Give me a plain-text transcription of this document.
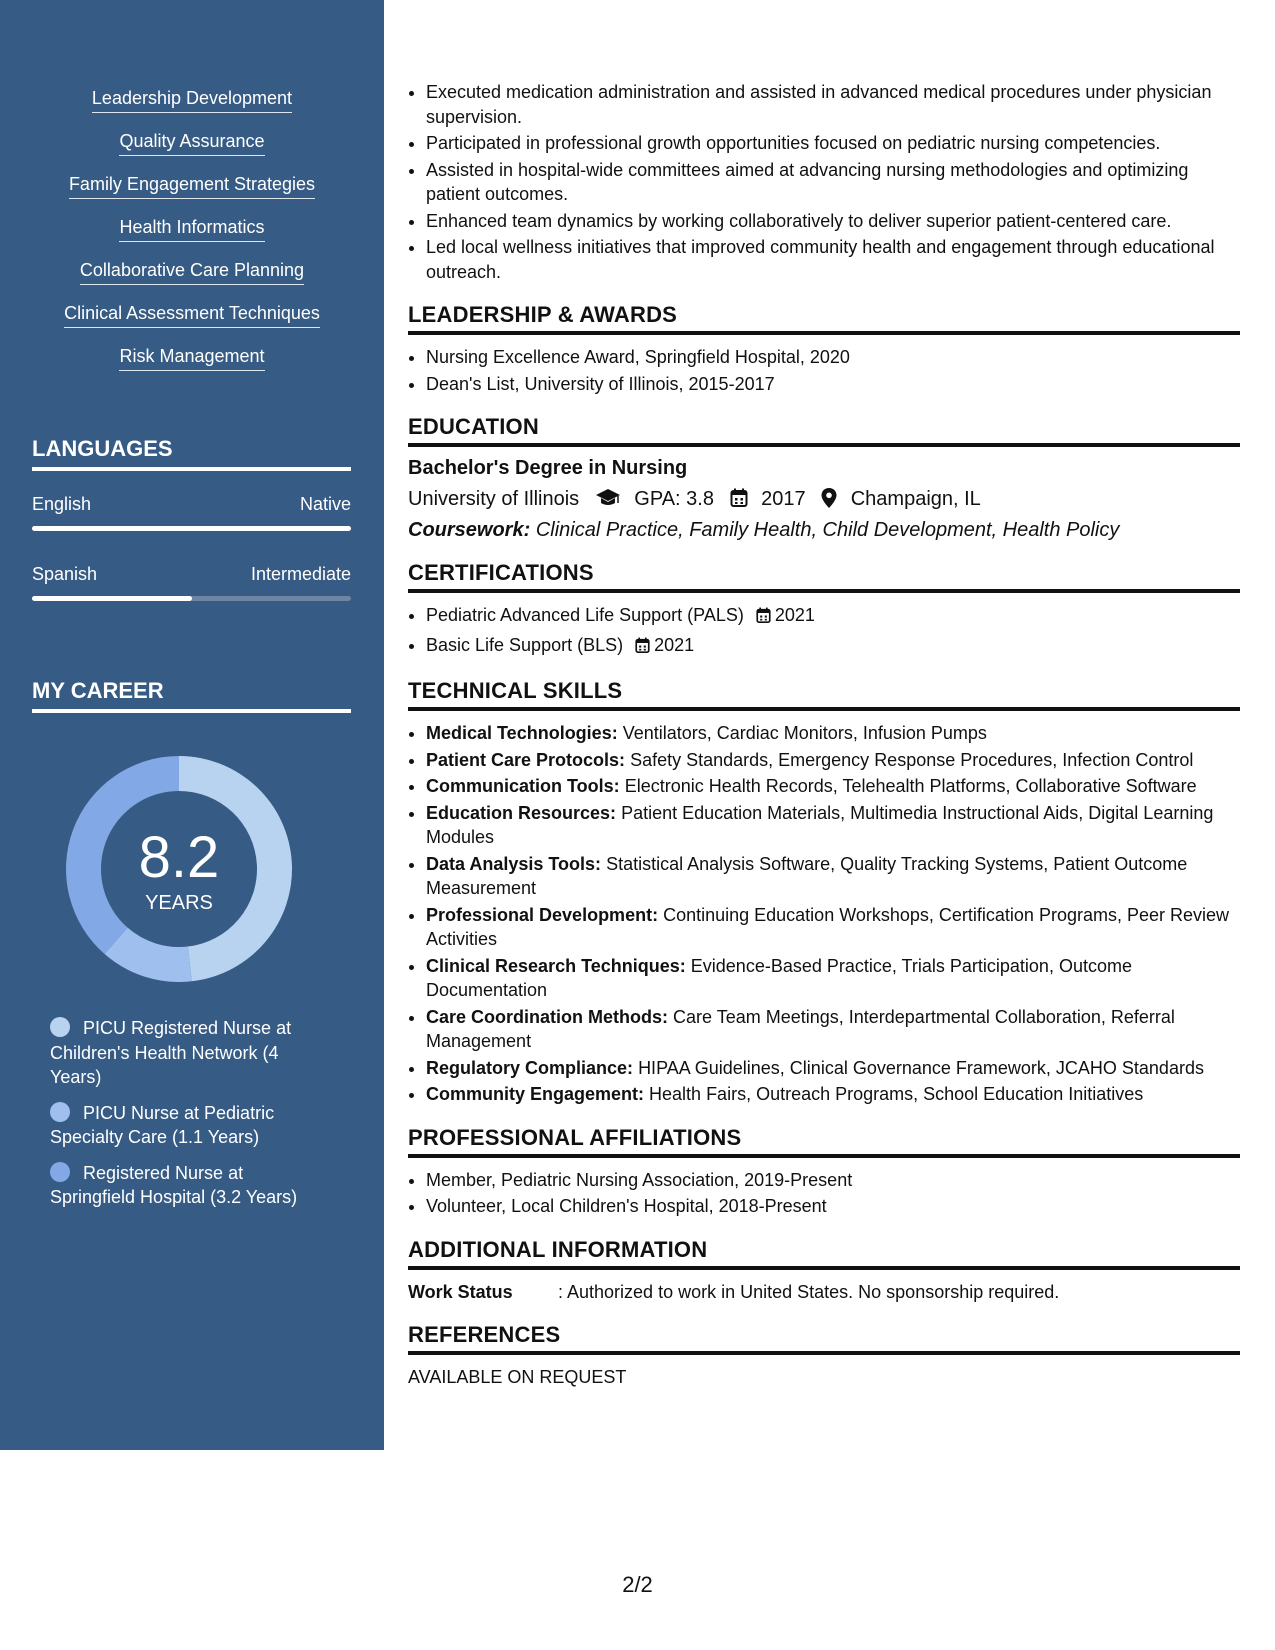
Leadership Development
Quality Assurance
Family Engagement Strategies
Health Informatics
Collaborative Care Planning
Clinical Assessment Techniques
Risk Management
LANGUAGES
English	Native
Spanish	Intermediate
MY CAREER
8.2
YEARS
PICU Registered Nurse at Children's Health Network (4 Years)
PICU Nurse at Pediatric Specialty Care (1.1 Years)
Registered Nurse at Springfield Hospital (3.2 Years)
• Executed medication administration and assisted in advanced medical procedures under physician supervision.
• Participated in professional growth opportunities focused on pediatric nursing competencies.
• Assisted in hospital-wide committees aimed at advancing nursing methodologies and optimizing patient outcomes.
• Enhanced team dynamics by working collaboratively to deliver superior patient-centered care.
• Led local wellness initiatives that improved community health and engagement through educational outreach.
LEADERSHIP & AWARDS
• Nursing Excellence Award, Springfield Hospital, 2020
• Dean's List, University of Illinois, 2015-2017
EDUCATION
Bachelor's Degree in Nursing
University of Illinois	GPA: 3.8 2017 Champaign, IL
Coursework: Clinical Practice, Family Health, Child Development, Health Policy
CERTIFICATIONS
• Pediatric Advanced Life Support (PALS) 2021
• Basic Life Support (BLS) 2021
TECHNICAL SKILLS
• Medical Technologies: Ventilators, Cardiac Monitors, Infusion Pumps
• Patient Care Protocols: Safety Standards, Emergency Response Procedures, Infection Control
• Communication Tools: Electronic Health Records, Telehealth Platforms, Collaborative Software
• Education Resources: Patient Education Materials, Multimedia Instructional Aids, Digital Learning Modules
• Data Analysis Tools: Statistical Analysis Software, Quality Tracking Systems, Patient Outcome Measurement
• Professional Development: Continuing Education Workshops, Certification Programs, Peer Review Activities
• Clinical Research Techniques: Evidence-Based Practice, Trials Participation, Outcome Documentation
• Care Coordination Methods: Care Team Meetings, Interdepartmental Collaboration, Referral Management
• Regulatory Compliance: HIPAA Guidelines, Clinical Governance Framework, JCAHO Standards
• Community Engagement: Health Fairs, Outreach Programs, School Education Initiatives
PROFESSIONAL AFFILIATIONS
• Member, Pediatric Nursing Association, 2019-Present
• Volunteer, Local Children's Hospital, 2018-Present
ADDITIONAL INFORMATION
Work Status	: Authorized to work in United States. No sponsorship required.
REFERENCES
AVAILABLE ON REQUEST
2/2
